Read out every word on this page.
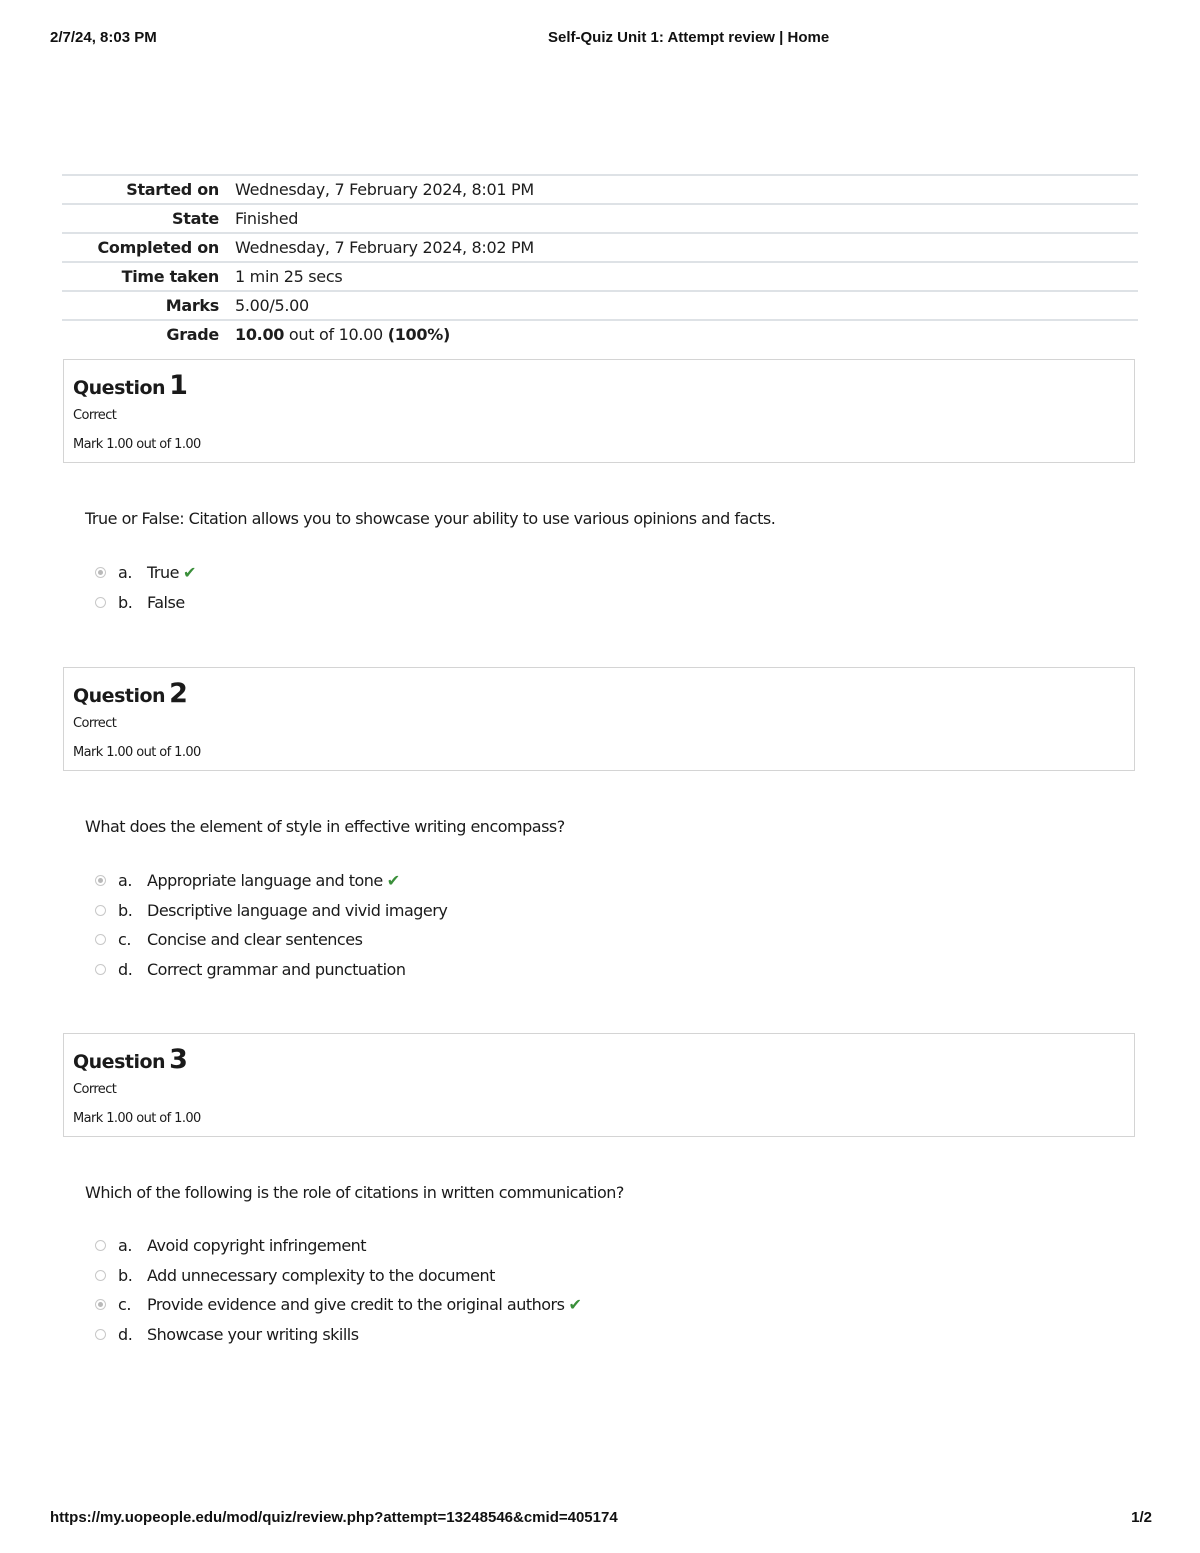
2/7/24, 8:03 PM	Self-Quiz Unit 1: Attempt review | Home
Started on	Wednesday, 7 February 2024, 8:01 PM
State	Finished
Completed on	Wednesday, 7 February 2024, 8:02 PM
Time taken	1 min 25 secs
Marks	5.00/5.00
Grade	10.00 out of 10.00 (100%)
Question 1
Correct
Mark 1.00 out of 1.00
True or False: Citation allows you to showcase your ability to use various opinions and facts.
a. True ✔
b. False
Question 2
Correct
Mark 1.00 out of 1.00
What does the element of style in effective writing encompass?
a. Appropriate language and tone ✔
b. Descriptive language and vivid imagery
c. Concise and clear sentences
d. Correct grammar and punctuation
Question 3
Correct
Mark 1.00 out of 1.00
Which of the following is the role of citations in written communication?
a. Avoid copyright infringement
b. Add unnecessary complexity to the document
c. Provide evidence and give credit to the original authors ✔
d. Showcase your writing skills
https://my.uopeople.edu/mod/quiz/review.php?attempt=13248546&cmid=405174	1/2
